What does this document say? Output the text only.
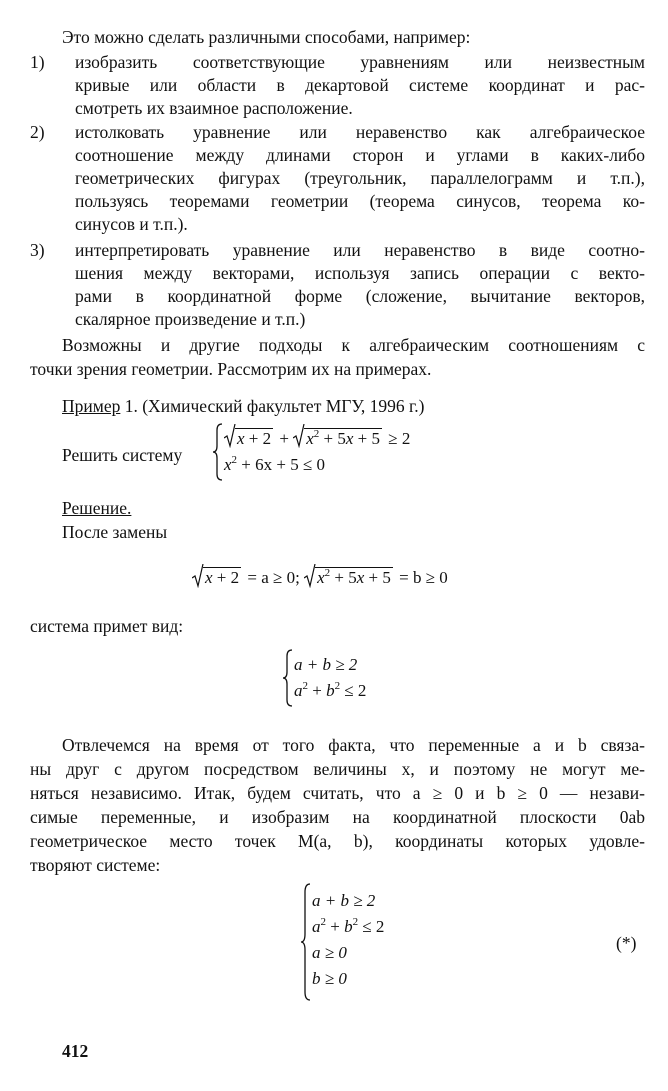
Это можно сделать различными способами, например:
1) изобразить соответствующие уравнениям или неизвестным
кривые или области в декартовой системе координат и рас-
смотреть их взаимное расположение.
2) истолковать уравнение или неравенство как алгебраическое
соотношение между длинами сторон и углами в каких-либо
геометрических фигурах (треугольник, параллелограмм и т.п.),
пользуясь теоремами геометрии (теорема синусов, теорема ко-
синусов и т.п.).
3) интерпретировать уравнение или неравенство в виде соотно-
шения между векторами, используя запись операции с векто-
рами в координатной форме (сложение, вычитание векторов,
скалярное произведение и т.п.)
Возможны и другие подходы к алгебраическим соотношениям с
точки зрения геометрии. Рассмотрим их на примерах.
Пример 1. (Химический факультет МГУ, 1996 г.)
Решить систему
x + 2 +
$x^2 + 5x + 5 \ge 2$
$x^2 + 6x + 5 \le 0$
Решение.
После замены
x + 2 = a ≥ 0;
$x^2 + 5x + 5 = b \ge 0$
система примет вид:
a + b ≥ 2
$a^2 + b^2 \le 2$
Отвлечемся на время от того факта, что переменные a и b связа-
ны друг с другом посредством величины x, и поэтому не могут ме-
няться независимо. Итак, будем считать, что a ≥ 0 и b ≥ 0 — незави-
симые переменные, и изобразим на координатной плоскости 0ab
геометрическое место точек M(a, b), координаты которых удовле-
творяют системе:
a + b ≥ 2
$a^2 + b^2 \le 2$
a ≥ 0
b ≥ 0
(*)
412
